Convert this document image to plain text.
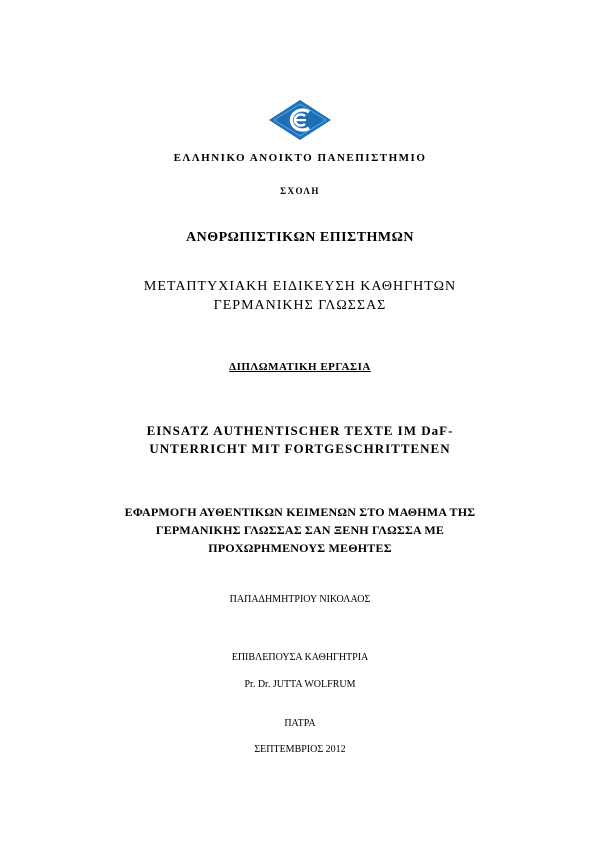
ΕΛΛΗΝΙΚΟ ΑΝΟΙΚΤΟ ΠΑΝΕΠΙΣΤΗΜΙΟ
ΣΧΟΛΗ
ΑΝΘΡΩΠΙΣΤΙΚΩΝ ΕΠΙΣΤΗΜΩΝ
ΜΕΤΑΠΤΥΧΙΑΚΗ ΕΙΔΙΚΕΥΣΗ ΚΑΘΗΓΗΤΩΝ
ΓΕΡΜΑΝΙΚΗΣ ΓΛΩΣΣΑΣ
ΔΙΠΛΩΜΑΤΙΚΗ ΕΡΓΑΣΙΑ
EINSATZ AUTHENTISCHER TEXTE IM DaF-
UNTERRICHT MIT FORTGESCHRITTENEN
ΕΦΑΡΜΟΓΗ ΑΥΘΕΝΤΙΚΩΝ ΚΕΙΜΕΝΩΝ ΣΤΟ ΜΑΘΗΜΑ ΤΗΣ
ΓΕΡΜΑΝΙΚΗΣ ΓΛΩΣΣΑΣ ΣΑΝ ΞΕΝΗ ΓΛΩΣΣΑ ΜΕ
ΠΡΟΧΩΡΗΜΕΝΟΥΣ ΜΕΘΗΤΕΣ
ΠΑΠΑΔΗΜΗΤΡΙΟΥ ΝΙΚΟΛΑΟΣ
ΕΠΙΒΛΕΠΟΥΣΑ ΚΑΘΗΓΗΤΡΙΑ
Pr. Dr. JUTTA WOLFRUM
ΠΑΤΡΑ
ΣΕΠΤΕΜΒΡΙΟΣ 2012
